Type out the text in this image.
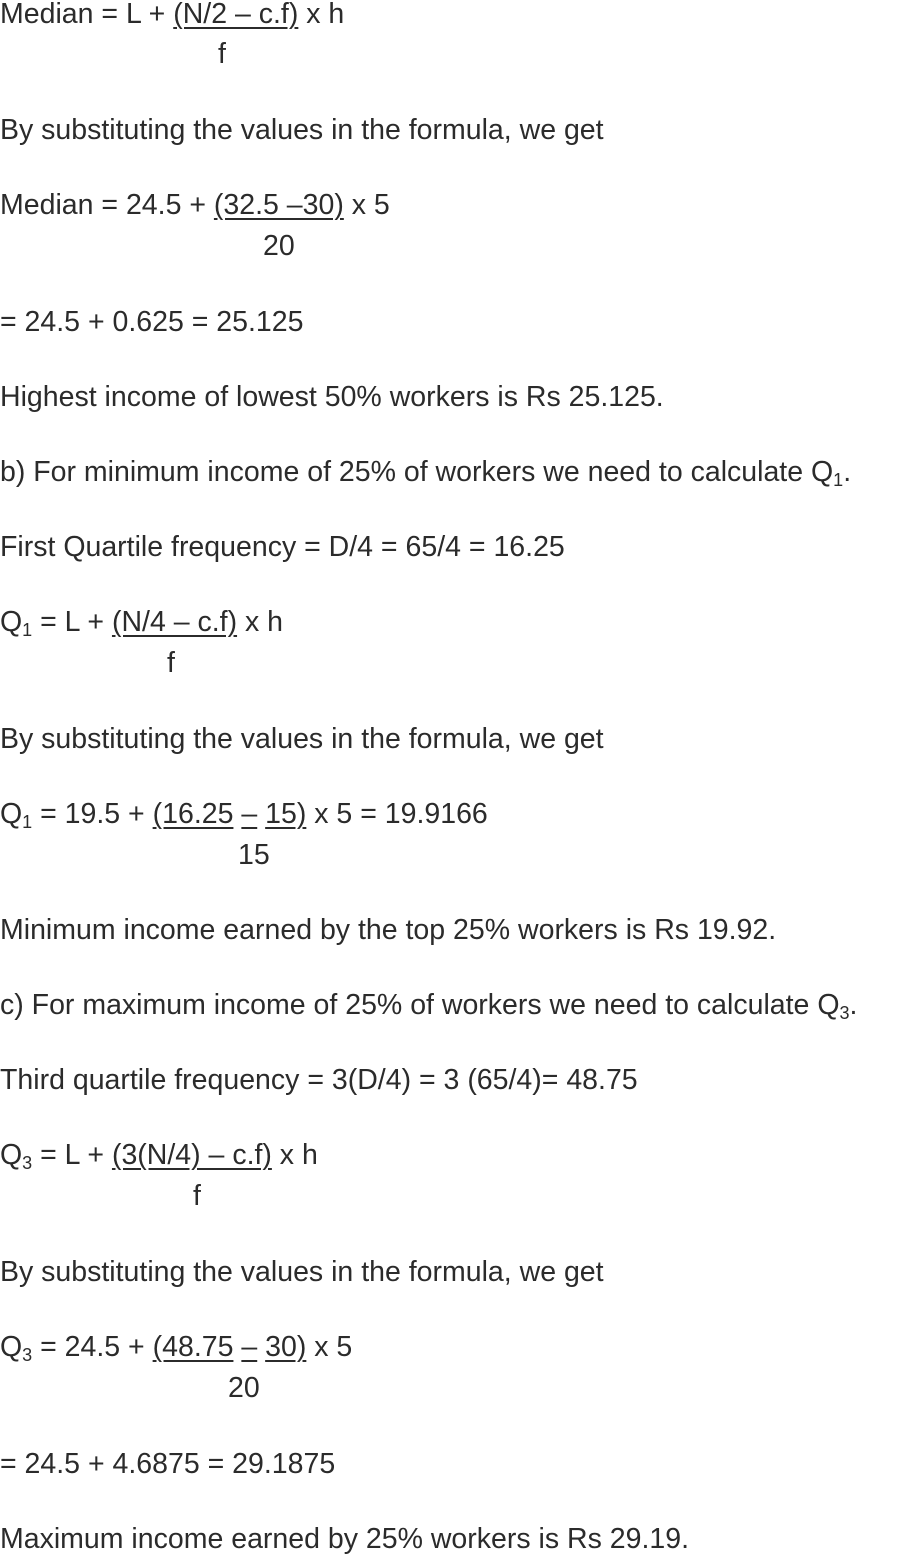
Median = L + (N/2 – c.f) x h
f
By substituting the values in the formula, we get
Median = 24.5 + (32.5 –30) x 5
20
= 24.5 + 0.625 = 25.125
Highest income of lowest 50% workers is Rs 25.125.
b) For minimum income of 25% of workers we need to calculate $Q_1$.
First Quartile frequency = D/4 = 65/4 = 16.25
$Q_1 = L + (N/4 - c.f)$ x h
f
By substituting the values in the formula, we get
$Q_1 = 19.5 + (16.25 - 15)$ x 5 = 19.9166
15
Minimum income earned by the top 25% workers is Rs 19.92.
c) For maximum income of 25% of workers we need to calculate $Q_3$.
Third quartile frequency = 3(D/4) = 3 (65/4)= 48.75
$Q_3 = L + (3(N/4) - c.f)$ x h
f
By substituting the values in the formula, we get
$Q_3 = 24.5 + (48.75 - 30)$ x 5
20
= 24.5 + 4.6875 = 29.1875
Maximum income earned by 25% workers is Rs 29.19.
